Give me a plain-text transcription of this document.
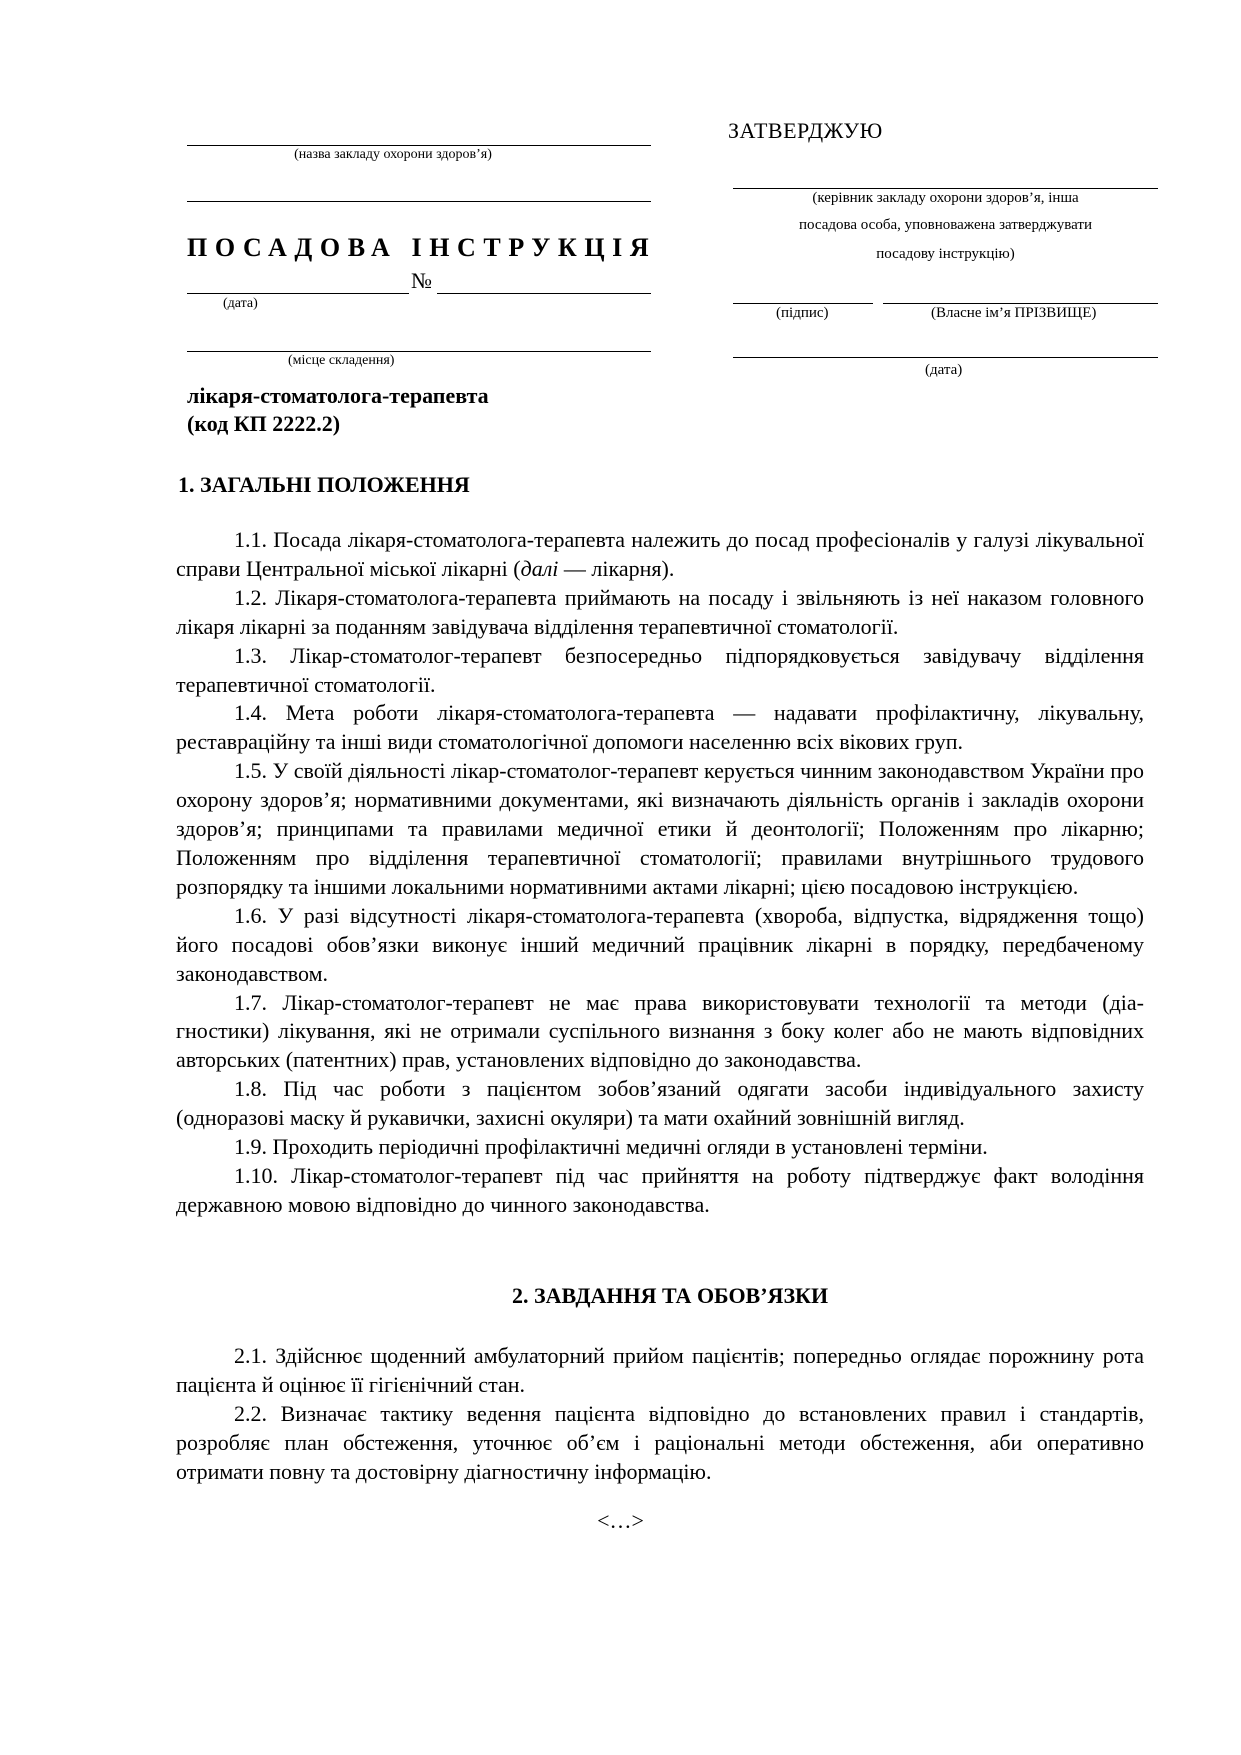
(назва закладу охорони здоров’я)
ПОСАДОВА ІНСТРУКЦІЯ
№
(дата)
(місце складення)
лікаря-стоматолога-терапевта
(код КП 2222.2)
ЗАТВЕРДЖУЮ
(керівник закладу охорони здоров’я, інша
посадова особа, уповноважена затверджувати
посадову інструкцію)
(підпис)	(Власне ім’я ПРІЗВИЩЕ)
(дата)
1. ЗАГАЛЬНІ ПОЛОЖЕННЯ

1.1. Посада лікаря-стоматолога-терапевта належить до посад професіоналів у галузі лікувальної справи Центральної міської лікарні (далі — лікарня).

1.2. Лікаря-стоматолога-терапевта приймають на посаду і звільняють із неї наказом головного лікаря лікарні за поданням завідувача відділення терапевтичної стоматології.

1.3. Лікар-стоматолог-терапевт безпосередньо підпорядковується завідувачу відділення терапевтичної стоматології.

1.4. Мета роботи лікаря-стоматолога-терапевта — надавати профілактичну, лікувальну, реставраційну та інші види стоматологічної допомоги населенню всіх вікових груп.

1.5. У своїй діяльності лікар-стоматолог-терапевт керується чинним законодавством України про охорону здоров’я; нормативними документами, які визначають діяльність органів і закладів охорони здоров’я; принципами та правилами медичної етики й деонтології; Положенням про лікарню; Положенням про відділення терапевтичної стоматології; правилами внутрішнього трудового розпорядку та іншими локальними нормативними актами лікарні; цією посадовою інструкцією.

1.6. У разі відсутності лікаря-стоматолога-терапевта (хвороба, відпустка, відрядження тощо) його посадові обов’язки виконує інший медичний працівник лікарні в порядку, передбаченому законодавством.

1.7. Лікар-стоматолог-терапевт не має права використовувати технології та методи (діа-гностики) лікування, які не отримали суспільного визнання з боку колег або не мають відповідних авторських (патентних) прав, установлених відповідно до законодавства.

1.8. Під час роботи з пацієнтом зобов’язаний одягати засоби індивідуального захисту (одноразові маску й рукавички, захисні окуляри) та мати охайний зовнішній вигляд.

1.9. Проходить періодичні профілактичні медичні огляди в установлені терміни.

1.10. Лікар-стоматолог-терапевт під час прийняття на роботу підтверджує факт володіння державною мовою відповідно до чинного законодавства.

2. ЗАВДАННЯ ТА ОБОВ’ЯЗКИ

2.1. Здійснює щоденний амбулаторний прийом пацієнтів; попередньо оглядає порожнину рота пацієнта й оцінює її гігієнічний стан.

2.2. Визначає тактику ведення пацієнта відповідно до встановлених правил і стандартів, розробляє план обстеження, уточнює об’єм і раціональні методи обстеження, аби оперативно отримати повну та достовірну діагностичну інформацію.

<…>
